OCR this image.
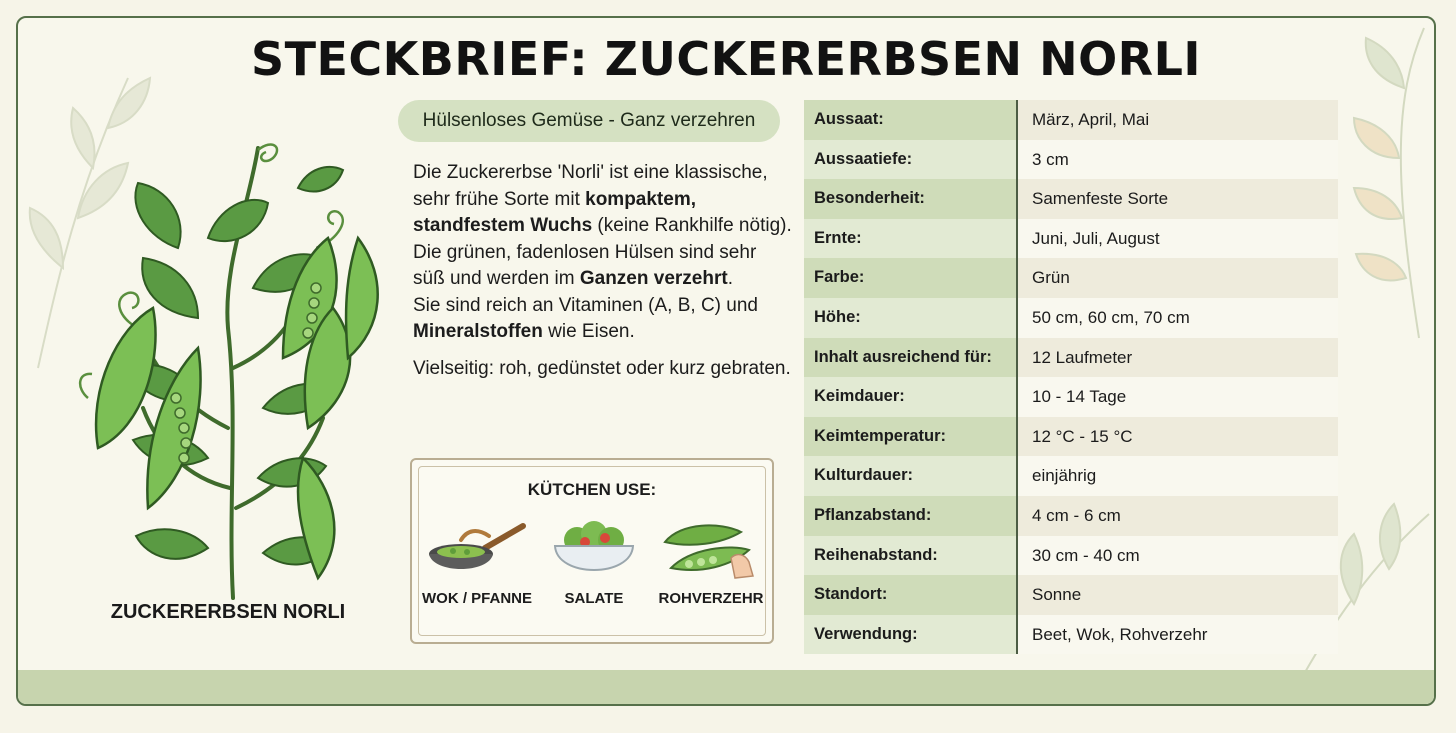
STECKBRIEF: ZUCKERERBSEN NORLI
ZUCKERERBSEN NORLI
Hülsenloses Gemüse - Ganz verzehren

Die Zuckererbse 'Norli' ist eine klassische, sehr frühe Sorte mit kompaktem, standfestem Wuchs (keine Rankhilfe nötig).

Die grünen, fadenlosen Hülsen sind sehr süß und werden im Ganzen verzehrt.

Sie sind reich an Vitaminen (A, B, C) und Mineralstoffen wie Eisen.

Vielseitig: roh, gedünstet oder kurz gebraten.

KÜTCHEN USE:
WOK / PFANNE	SALATE	ROHVERZEHR
Aussaat:	März, April, Mai
Aussaatiefe:	3 cm
Besonderheit:	Samenfeste Sorte
Ernte:	Juni, Juli, August
Farbe:	Grün
Höhe:	50 cm, 60 cm, 70 cm
Inhalt ausreichend für:	12 Laufmeter
Keimdauer:	10 - 14 Tage
Keimtemperatur:	12 °C - 15 °C
Kulturdauer:	einjährig
Pflanzabstand:	4 cm - 6 cm
Reihenabstand:	30 cm - 40 cm
Standort:	Sonne
Verwendung:	Beet, Wok, Rohverzehr
